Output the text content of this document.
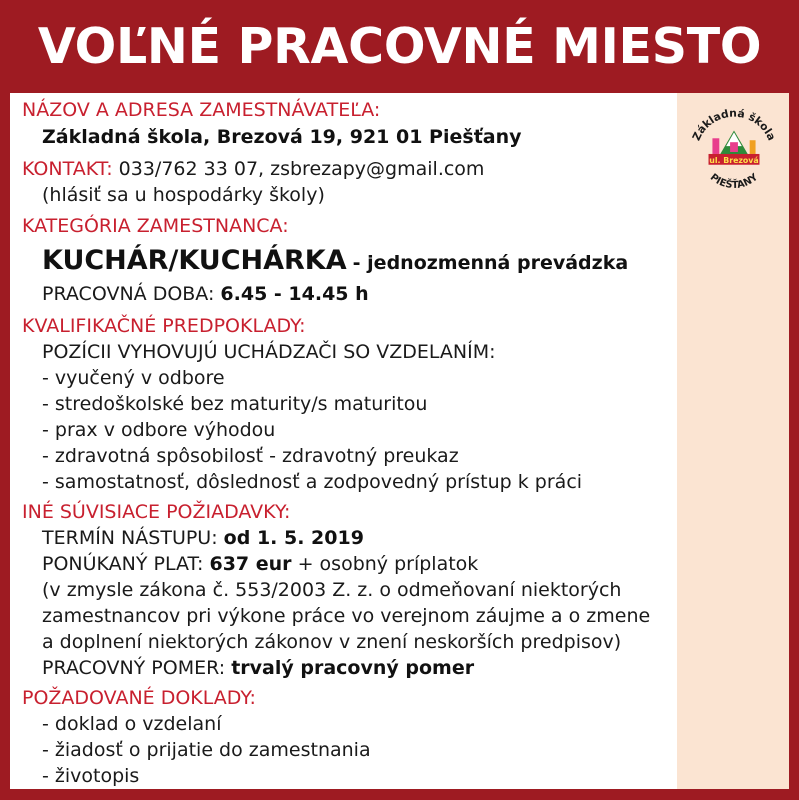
VOĽNÉ PRACOVNÉ MIESTO
NÁZOV A ADRESA ZAMESTNÁVATEĽA:
Základná škola, Brezová 19, 921 01 Piešťany
KONTAKT: 033/762 33 07, zsbrezapy@gmail.com
(hlásiť sa u hospodárky školy)
KATEGÓRIA ZAMESTNANCA:
KUCHÁR/KUCHÁRKA - jednozmenná prevádzka
PRACOVNÁ DOBA: 6.45 - 14.45 h
KVALIFIKAČNÉ PREDPOKLADY:
POZÍCII VYHOVUJÚ UCHÁDZAČI SO VZDELANÍM:
- vyučený v odbore
- stredoškolské bez maturity/s maturitou
- prax v odbore výhodou
- zdravotná spôsobilosť - zdravotný preukaz
- samostatnosť, dôslednosť a zodpovedný prístup k práci
INÉ SÚVISIACE POŽIADAVKY:
TERMÍN NÁSTUPU: od 1. 5. 2019
PONÚKANÝ PLAT: 637 eur + osobný príplatok
(v zmysle zákona č. 553/2003 Z. z. o odmeňovaní niektorých
zamestnancov pri výkone práce vo verejnom záujme a o zmene
a doplnení niektorých zákonov v znení neskorších predpisov)
PRACOVNÝ POMER: trvalý pracovný pomer
POŽADOVANÉ DOKLADY:
- doklad o vzdelaní
- žiadosť o prijatie do zamestnania
- životopis
Základná škola
ul. Brezová
PIEŠŤANY
